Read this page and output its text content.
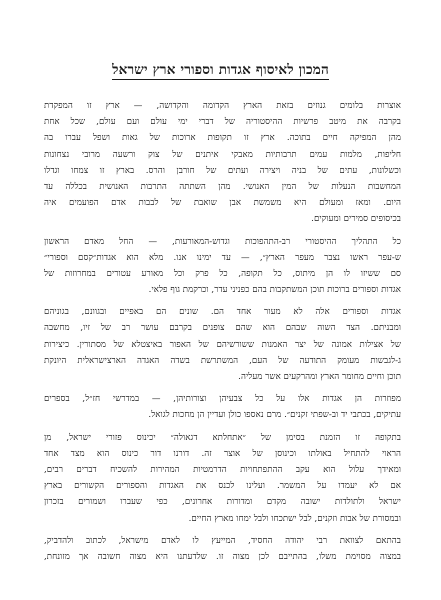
המכון לאיסוף אגדות וספורי ארץ ישראל
אוצרות בלומים גנוזים בזאת הארץ הקדומה והקדושה, — ארץ זו המפקדת
בקרבה את מיטב פרשיות ההיסטוריה של דברי ימי עולם ועם עולם, שכל אחת
מהן המפיקה חיים בתוכה. ארץ זו תקופות ארוכות של גאות ושפל עברו בה
חליפות, מלמות עמים תרבותיות מאבקי איתנים של צוק ורשעה מרובי נצחונות
וכשלונות, עתים של בניה ויצירה ועתים של חורבן והרס. בארץ זו צמחו וגדלו
המחשבות הנעלות של המין האנושי. מהן השתתה התרבות האנושית בכללה עד
היום. ומאז ומעולם היא משמשת אבן שואבת של לבבות אדם הפועמים איה
בכיסופים סמירים ומעוקים.
כל התהליך ההיסטורי רב-התהפוכות וגדוש-המאורעות, — החל מאדם הראשון
ש-עפר ראשו נצבר מעפר הארץ״, — עד ימינו אנו. מלא הוא אגדות״קסם וספורי״
סם ששיזו לו הן מיתוס, כל תקופה, כל פרק וכל מאורע עטורים במחרוזות של
אגדות וספורים ברוכות תוכן המשתקבות בהם כפניני עדר, וכרקמת גוף פלאי.
אגדות וספורים אלה לא מעור אחד הם. שונים הם באפיים ובגוונם, בגוניהם
ומבניתם. הצד השוה שבהם הוא שהם צופנים בקרבם עושר רב של זיו, מחשבה
של אצילות אמונה של יצר האמנות ששורשיהם של האפור באיצטלא של מסתורין. כיצירות
ג-לגבשות מעומק התודעה של העם, המשתרשת בשדה האגדה הארצישראלית היונקת
תוכן וחיים מחומר הארץ ומהרקעים אשר מעליה.
מפוזרות הן אגדות אלו על כל צבעיהן וצורותיהן, — במדרשי חז״ל, בספרים
עתיקים, בכתבי יד וב-שפתי זקנים״. מרם נאספו כולן ועדיין הן מחכות לגואל.
בתקופה זו הזמנת בסימן של ״אתחלתא דגאולה״ יכינוס פזורי ישראל, מן
הראוי להתחיל באולתו וכינוסן של אוצר זה. דורנו דור כינוס הוא מצד אחד
ומאידך עלול הוא עקב ההתפתחויות הדרמטיות המהירות להשכיח דברים רבים,
אם לא יעמדו על המשמר. ועלינו לכנס את האגדות והספורים הקשורים בארץ
ישראל ולתולדות ישובה מקדם ומדורות אחרונים, כפי שעברו ושמורים בזכרון
ובמסורת של אבות וזקנים, לבל ישתכחו ולבל ימחו מארץ החיים.
בהתאם לצוואת רבי יהודה החסיד, המייעץ לו לאדם מישראל, לכתוב ולהדביק,
במצוה מסוימת משלו, בהתייבם לכן מצוה זו. שלדעתנו היא מצוה חשובה אך מזונחת,
